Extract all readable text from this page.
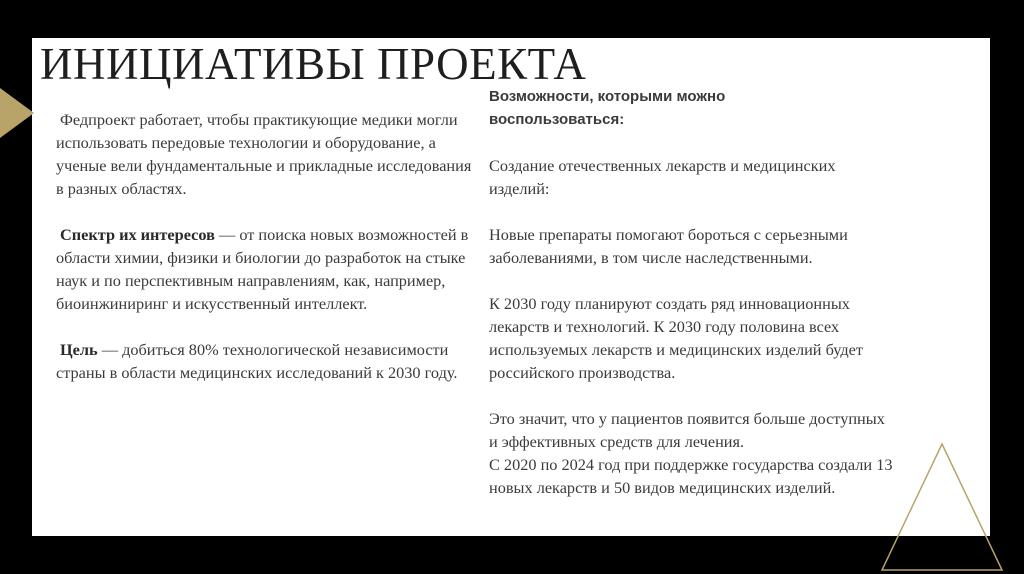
ИНИЦИАТИВЫ ПРОЕКТА

Федпроект работает, чтобы практикующие медики могли использовать передовые технологии и оборудование, а ученые вели фундаментальные и прикладные исследования в разных областях.

Спектр их интересов — от поиска новых возможностей в области химии, физики и биологии до разработок на стыке наук и по перспективным направлениям, как, например, биоинжиниринг и искусственный интеллект.

Цель — добиться 80% технологической независимости страны в области медицинских исследований к 2030 году.

Возможности, которыми можно воспользоваться:

Создание отечественных лекарств и медицинских изделий:

Новые препараты помогают бороться с серьезными заболеваниями, в том числе наследственными.

К 2030 году планируют создать ряд инновационных лекарств и технологий. К 2030 году половина всех используемых лекарств и медицинских изделий будет российского производства.

Это значит, что у пациентов появится больше доступных и эффективных средств для лечения.

С 2020 по 2024 год при поддержке государства создали 13 новых лекарств и 50 видов медицинских изделий.
